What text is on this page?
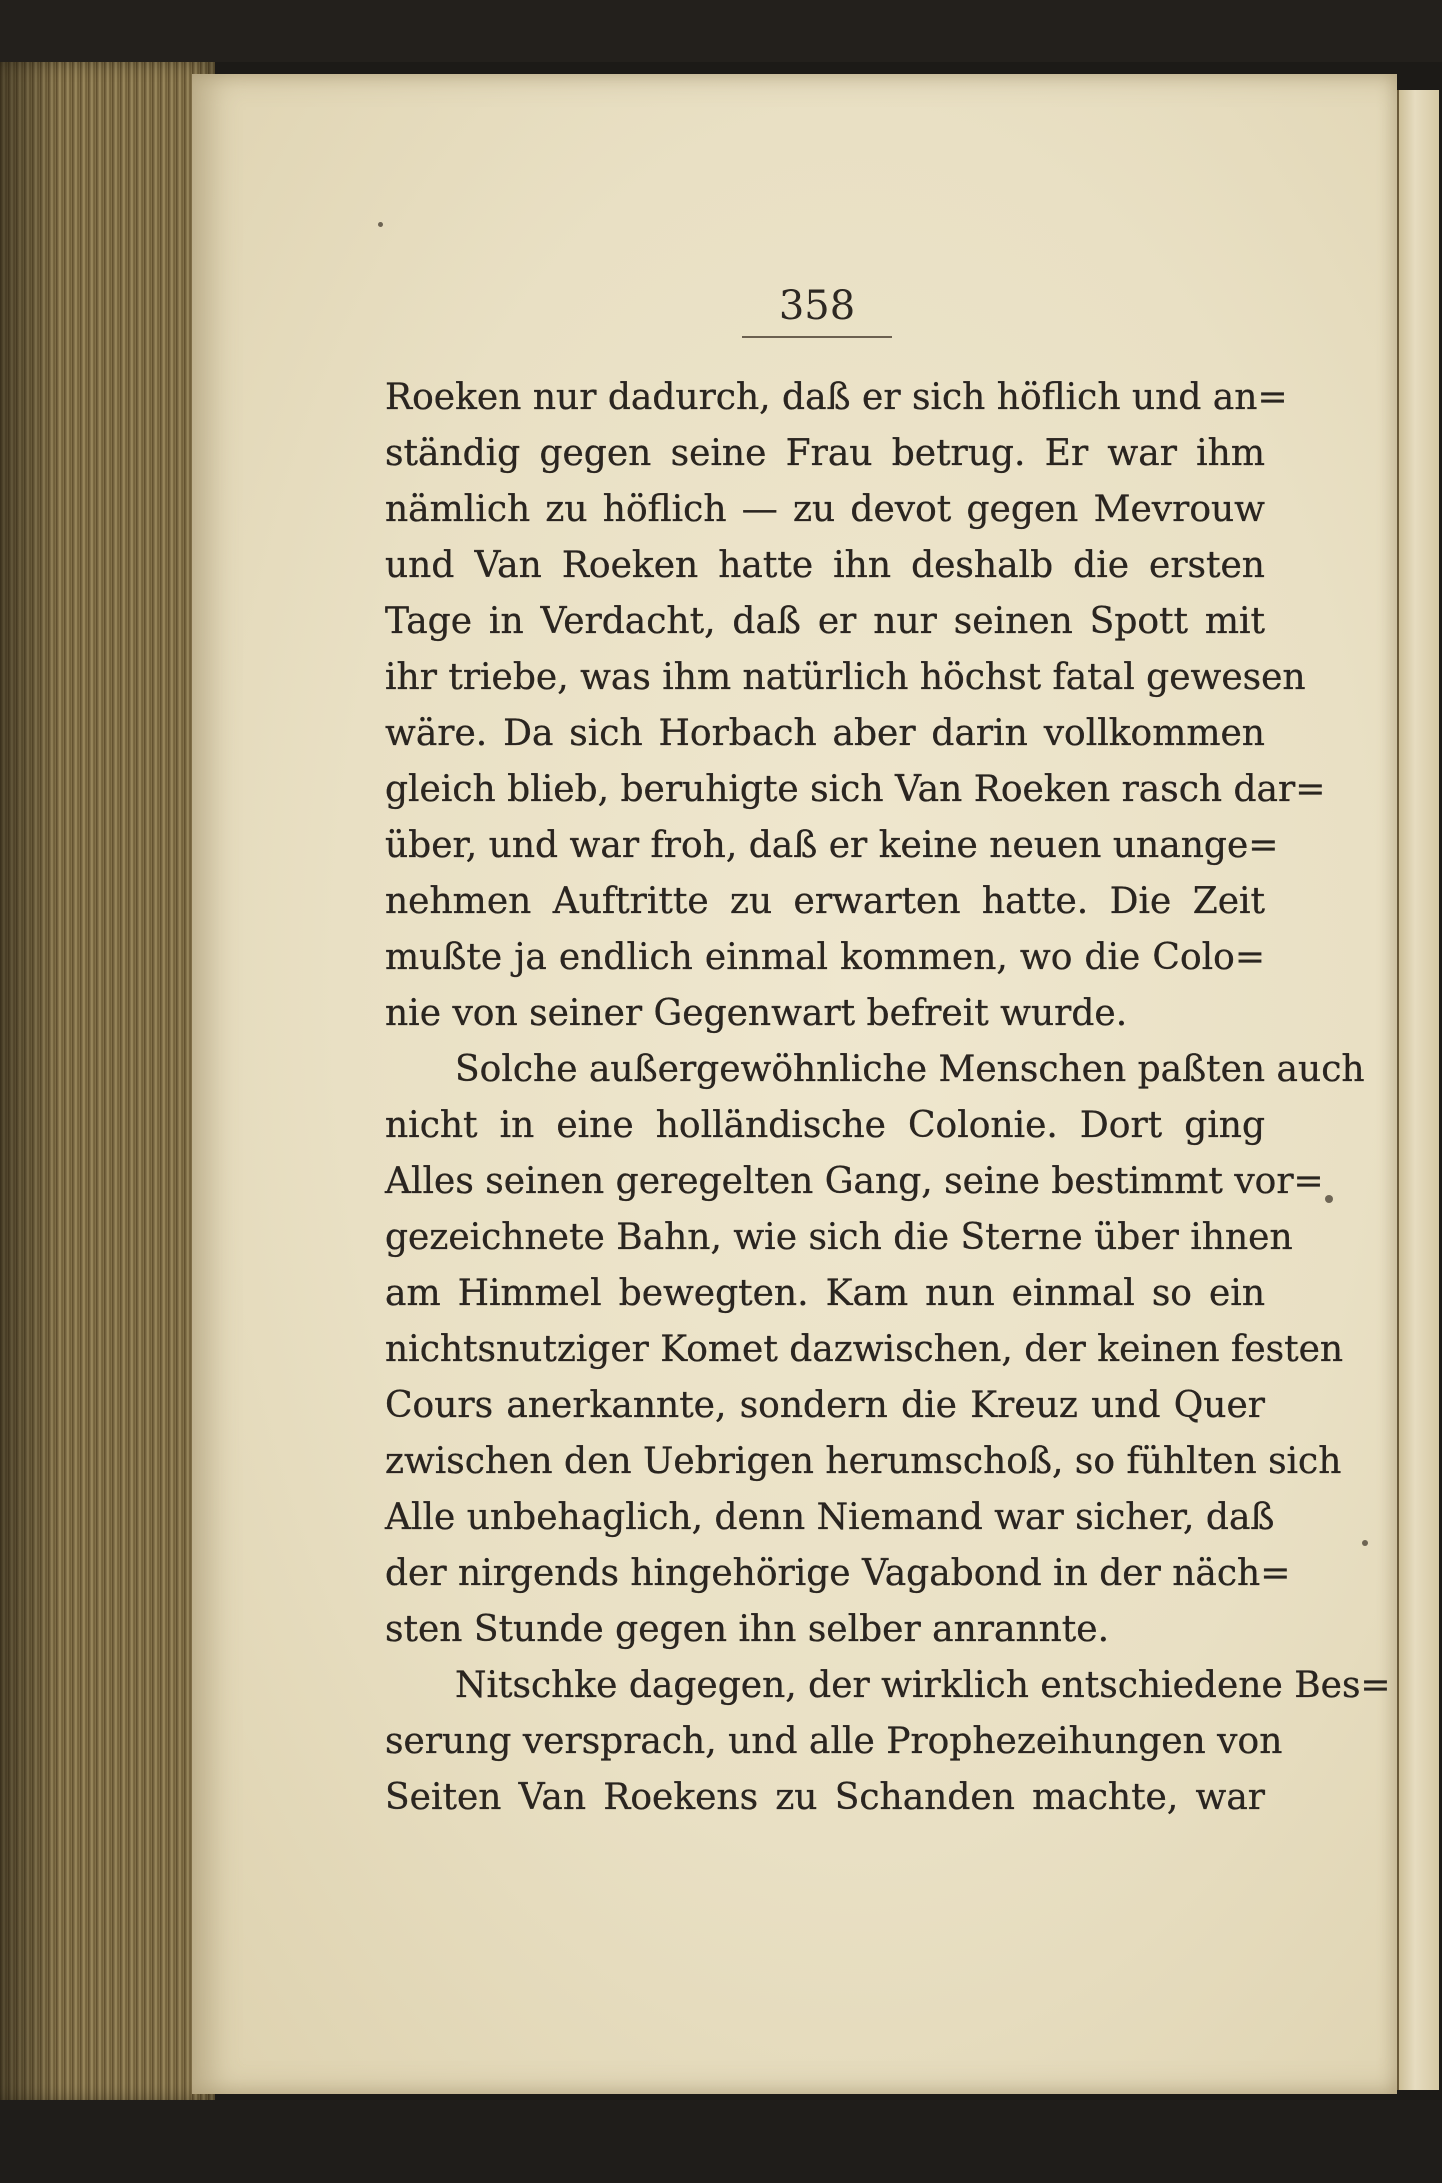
358

Roeken nur dadurch, daß er sich höflich und an=
ständig gegen seine Frau betrug. Er war ihm
nämlich zu höflich — zu devot gegen Mevrouw
und Van Roeken hatte ihn deshalb die ersten
Tage in Verdacht, daß er nur seinen Spott mit
ihr triebe, was ihm natürlich höchst fatal gewesen
wäre. Da sich Horbach aber darin vollkommen
gleich blieb, beruhigte sich Van Roeken rasch dar=
über, und war froh, daß er keine neuen unange=
nehmen Auftritte zu erwarten hatte. Die Zeit
mußte ja endlich einmal kommen, wo die Colo=
nie von seiner Gegenwart befreit wurde.
Solche außergewöhnliche Menschen paßten auch
nicht in eine holländische Colonie. Dort ging
Alles seinen geregelten Gang, seine bestimmt vor=
gezeichnete Bahn, wie sich die Sterne über ihnen
am Himmel bewegten. Kam nun einmal so ein
nichtsnutziger Komet dazwischen, der keinen festen
Cours anerkannte, sondern die Kreuz und Quer
zwischen den Uebrigen herumschoß, so fühlten sich
Alle unbehaglich, denn Niemand war sicher, daß
der nirgends hingehörige Vagabond in der näch=
sten Stunde gegen ihn selber anrannte.
Nitschke dagegen, der wirklich entschiedene Bes=
serung versprach, und alle Prophezeihungen von
Seiten Van Roekens zu Schanden machte, war
